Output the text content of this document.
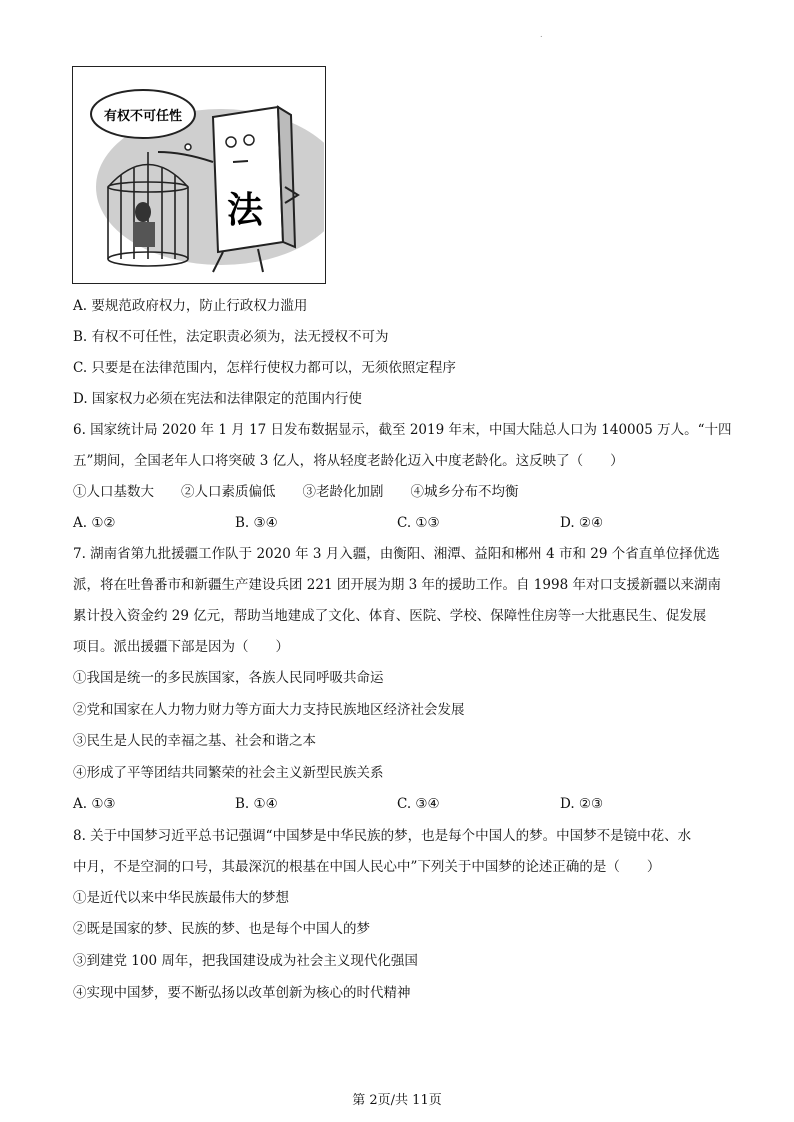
.
有权不可任性
法
A. 要规范政府权力，防止行政权力滥用
B. 有权不可任性，法定职责必须为，法无授权不可为
C. 只要是在法律范围内，怎样行使权力都可以，无须依照定程序
D. 国家权力必须在宪法和法律限定的范围内行使
6. 国家统计局 2020 年 1 月 17 日发布数据显示，截至 2019 年末，中国大陆总人口为 140005 万人。“十四
五”期间，全国老年人口将突破 3 亿人，将从轻度老龄化迈入中度老龄化。这反映了（　　）
①人口基数大　　②人口素质偏低　　③老龄化加剧　　④城乡分布不均衡
A. ①②	B. ③④	C. ①③	D. ②④
7. 湖南省第九批援疆工作队于 2020 年 3 月入疆，由衡阳、湘潭、益阳和郴州 4 市和 29 个省直单位择优选
派，将在吐鲁番市和新疆生产建设兵团 221 团开展为期 3 年的援助工作。自 1998 年对口支援新疆以来湖南
累计投入资金约 29 亿元，帮助当地建成了文化、体育、医院、学校、保障性住房等一大批惠民生、促发展
项目。派出援疆下部是因为（　　）
①我国是统一的多民族国家，各族人民同呼吸共命运
②党和国家在人力物力财力等方面大力支持民族地区经济社会发展
③民生是人民的幸福之基、社会和谐之本
④形成了平等团结共同繁荣的社会主义新型民族关系
A. ①③	B. ①④	C. ③④	D. ②③
8. 关于中国梦习近平总书记强调“中国梦是中华民族的梦，也是每个中国人的梦。中国梦不是镜中花、水
中月，不是空洞的口号，其最深沉的根基在中国人民心中”下列关于中国梦的论述正确的是（　　）
①是近代以来中华民族最伟大的梦想
②既是国家的梦、民族的梦、也是每个中国人的梦
③到建党 100 周年，把我国建设成为社会主义现代化强国
④实现中国梦，要不断弘扬以改革创新为核心的时代精神
第 2页/共 11页
